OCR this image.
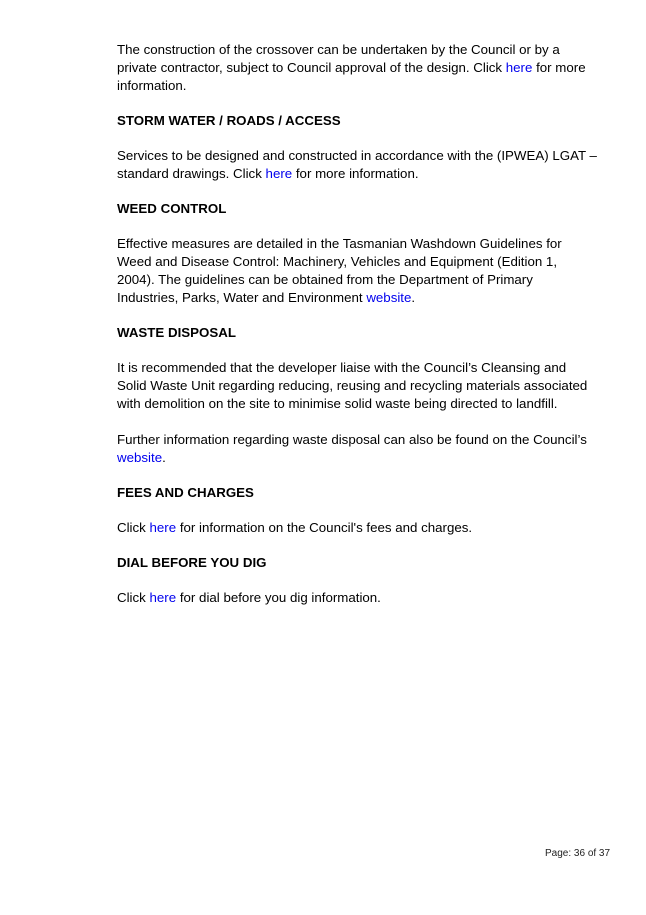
The construction of the crossover can be undertaken by the Council or by a private contractor, subject to Council approval of the design. Click here for more information.

STORM WATER / ROADS / ACCESS

Services to be designed and constructed in accordance with the (IPWEA) LGAT – standard drawings. Click here for more information.

WEED CONTROL

Effective measures are detailed in the Tasmanian Washdown Guidelines for Weed and Disease Control: Machinery, Vehicles and Equipment (Edition 1, 2004). The guidelines can be obtained from the Department of Primary Industries, Parks, Water and Environment website.

WASTE DISPOSAL

It is recommended that the developer liaise with the Council’s Cleansing and Solid Waste Unit regarding reducing, reusing and recycling materials associated with demolition on the site to minimise solid waste being directed to landfill.

Further information regarding waste disposal can also be found on the Council’s website.

FEES AND CHARGES

Click here for information on the Council's fees and charges.

DIAL BEFORE YOU DIG

Click here for dial before you dig information.

Page: 36 of 37
